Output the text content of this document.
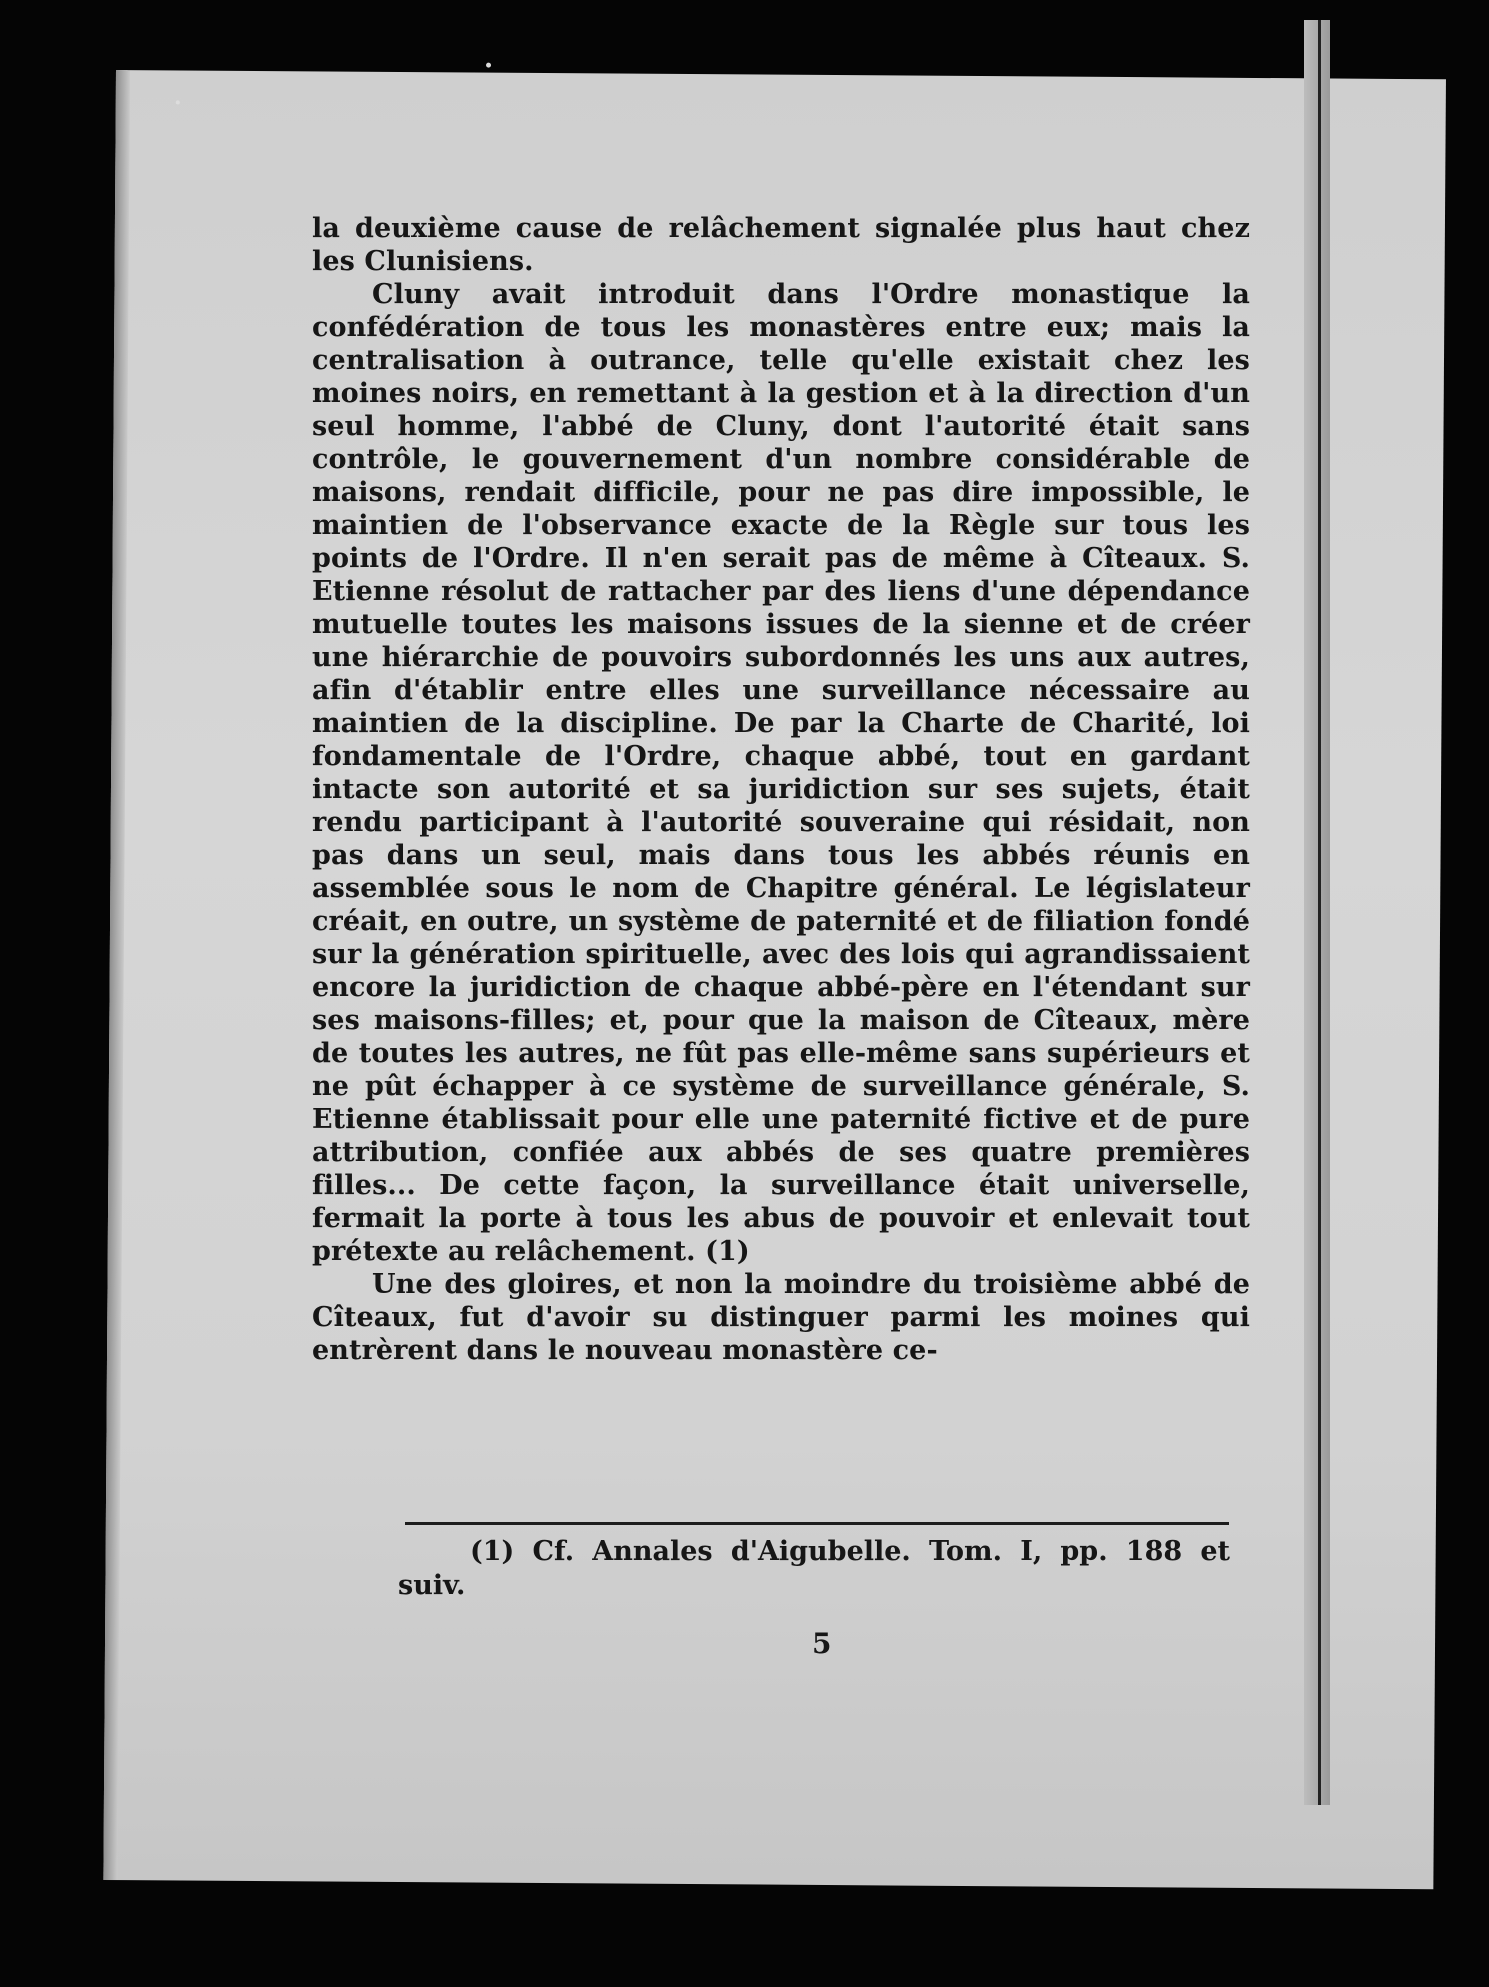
la deuxième cause de relâchement signalée plus haut chez les Clunisiens.

Cluny avait introduit dans l'Ordre monastique la confédération de tous les monastères entre eux; mais la centralisation à outrance, telle qu'elle existait chez les moines noirs, en remettant à la gestion et à la direction d'un seul homme, l'abbé de Cluny, dont l'autorité était sans contrôle, le gouvernement d'un nombre considérable de maisons, rendait difficile, pour ne pas dire impossible, le maintien de l'observance exacte de la Règle sur tous les points de l'Ordre. Il n'en serait pas de même à Cîteaux. S. Etienne résolut de rattacher par des liens d'une dépendance mutuelle toutes les maisons issues de la sienne et de créer une hiérarchie de pouvoirs subordonnés les uns aux autres, afin d'établir entre elles une surveillance nécessaire au maintien de la discipline. De par la Charte de Charité, loi fondamentale de l'Ordre, chaque abbé, tout en gardant intacte son autorité et sa juridiction sur ses sujets, était rendu participant à l'autorité souveraine qui résidait, non pas dans un seul, mais dans tous les abbés réunis en assemblée sous le nom de Chapitre général. Le législateur créait, en outre, un système de paternité et de filiation fondé sur la génération spirituelle, avec des lois qui agrandissaient encore la juridiction de chaque abbé-père en l'étendant sur ses maisons-filles; et, pour que la maison de Cîteaux, mère de toutes les autres, ne fût pas elle-même sans supérieurs et ne pût échapper à ce système de surveillance générale, S. Etienne établissait pour elle une paternité fictive et de pure attribution, confiée aux abbés de ses quatre premières filles... De cette façon, la surveillance était universelle, fermait la porte à tous les abus de pouvoir et enlevait tout prétexte au relâchement. (1)

Une des gloires, et non la moindre du troisième abbé de Cîteaux, fut d'avoir su distinguer parmi les moines qui entrèrent dans le nouveau monastère ce-

(1) Cf. Annales d'Aigubelle. Tom. I, pp. 188 et suiv.
5
